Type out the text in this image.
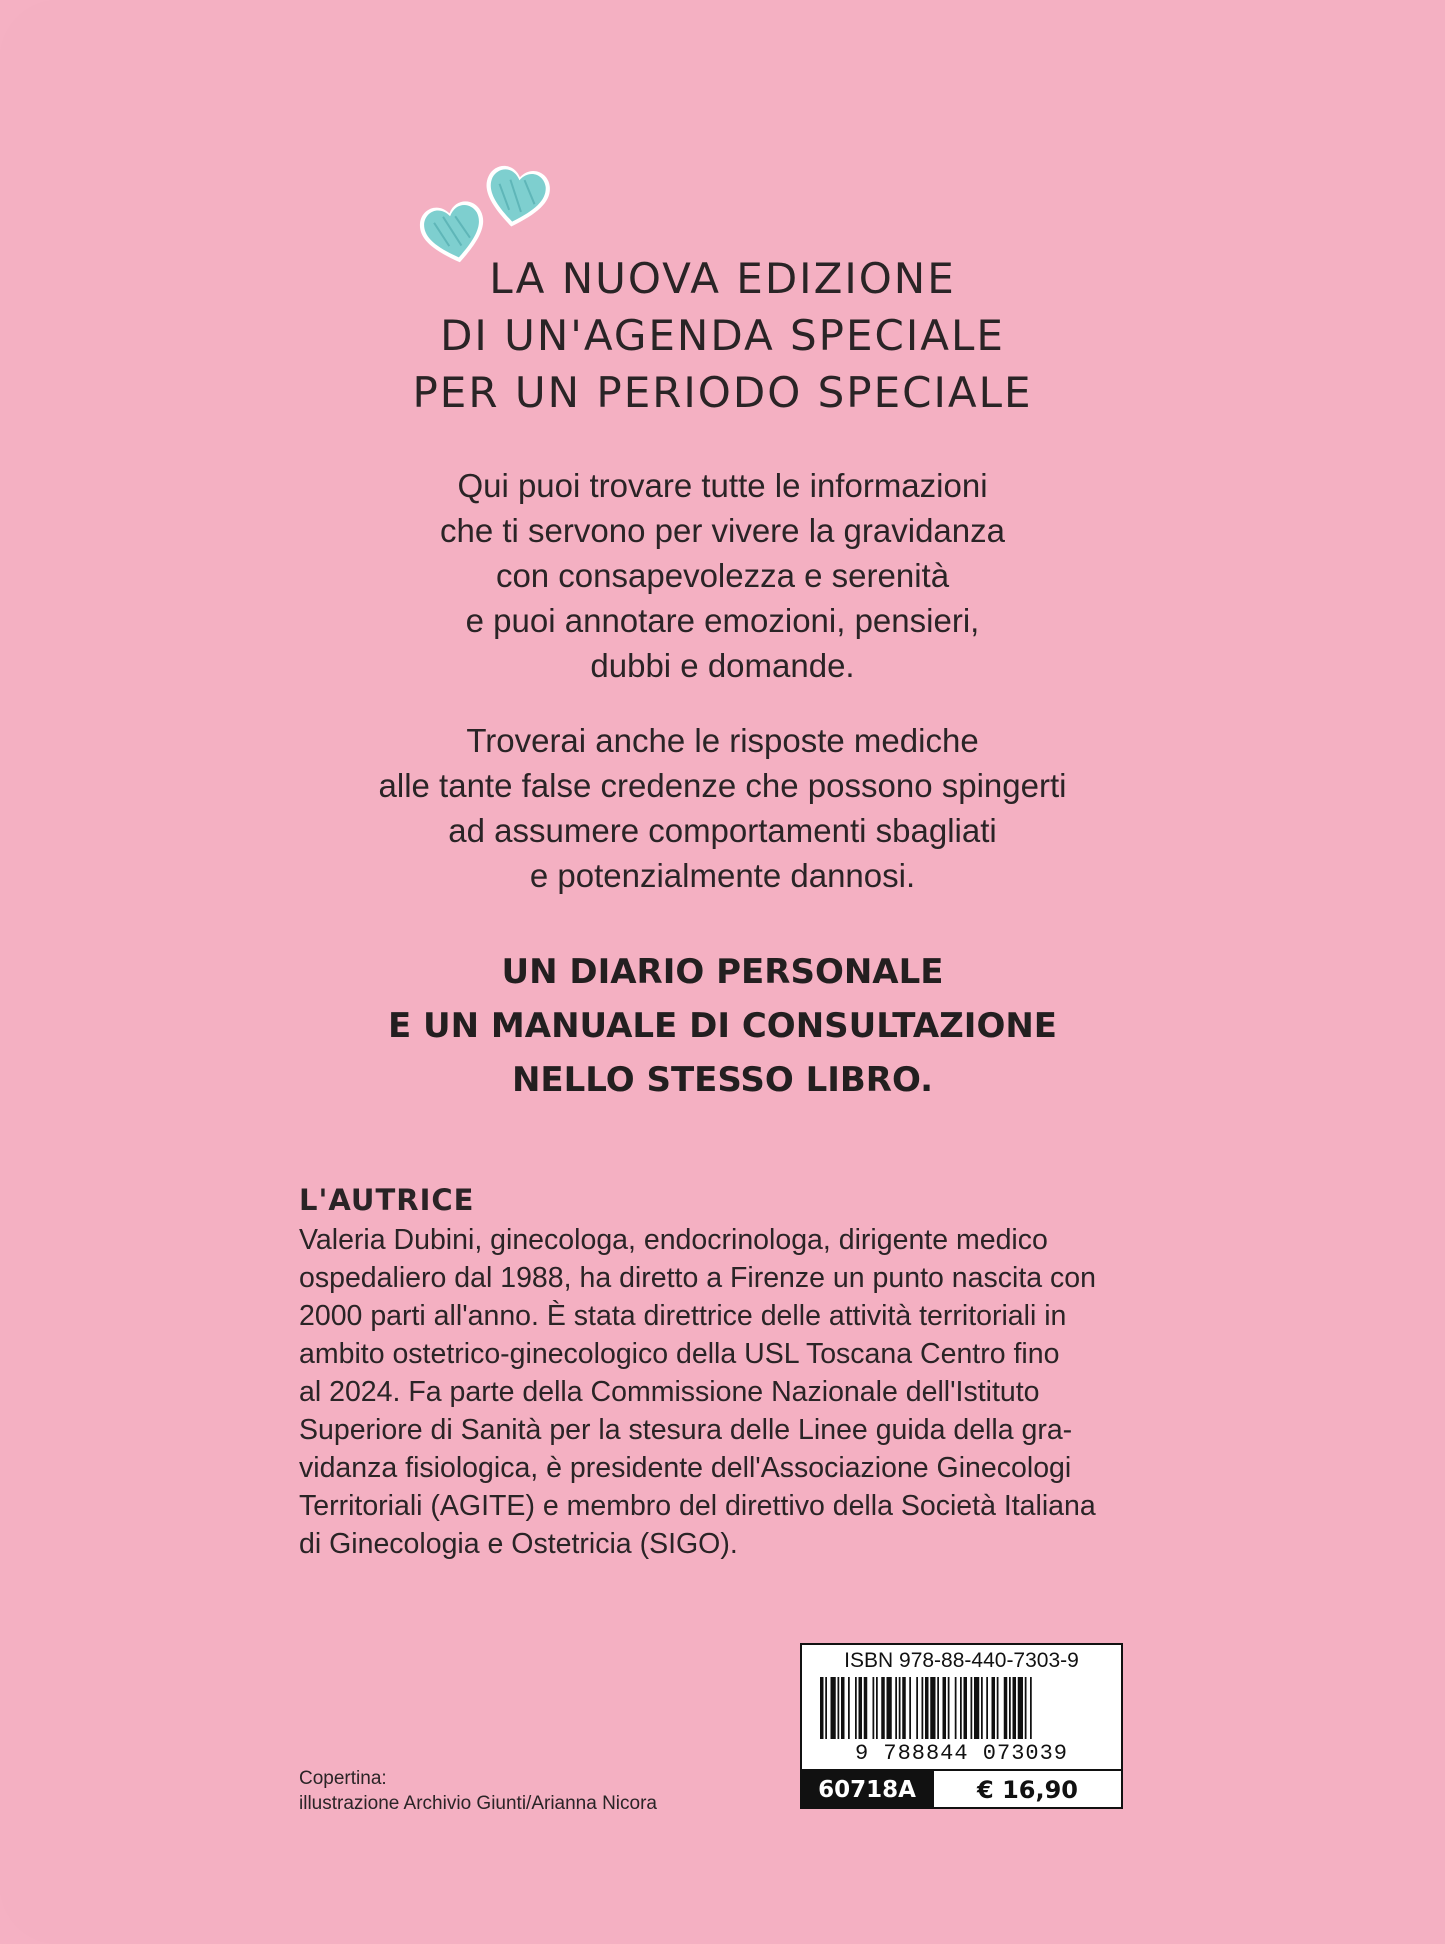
LA NUOVA EDIZIONE
DI UN'AGENDA SPECIALE
PER UN PERIODO SPECIALE
Qui puoi trovare tutte le informazioni
che ti servono per vivere la gravidanza
con consapevolezza e serenità
e puoi annotare emozioni, pensieri,
dubbi e domande.
Troverai anche le risposte mediche
alle tante false credenze che possono spingerti
ad assumere comportamenti sbagliati
e potenzialmente dannosi.
UN DIARIO PERSONALE
E UN MANUALE DI CONSULTAZIONE
NELLO STESSO LIBRO.
L'AUTRICE
Valeria Dubini, ginecologa, endocrinologa, dirigente medico
ospedaliero dal 1988, ha diretto a Firenze un punto nascita con
2000 parti all'anno. È stata direttrice delle attività territoriali in
ambito ostetrico-ginecologico della USL Toscana Centro fino
al 2024. Fa parte della Commissione Nazionale dell'Istituto
Superiore di Sanità per la stesura delle Linee guida della gra-
vidanza fisiologica, è presidente dell'Associazione Ginecologi
Territoriali (AGITE) e membro del direttivo della Società Italiana
di Ginecologia e Ostetricia (SIGO).
Copertina:
illustrazione Archivio Giunti/Arianna Nicora
ISBN 978-88-440-7303-9
9 788844 073039
60718A	€ 16,90
